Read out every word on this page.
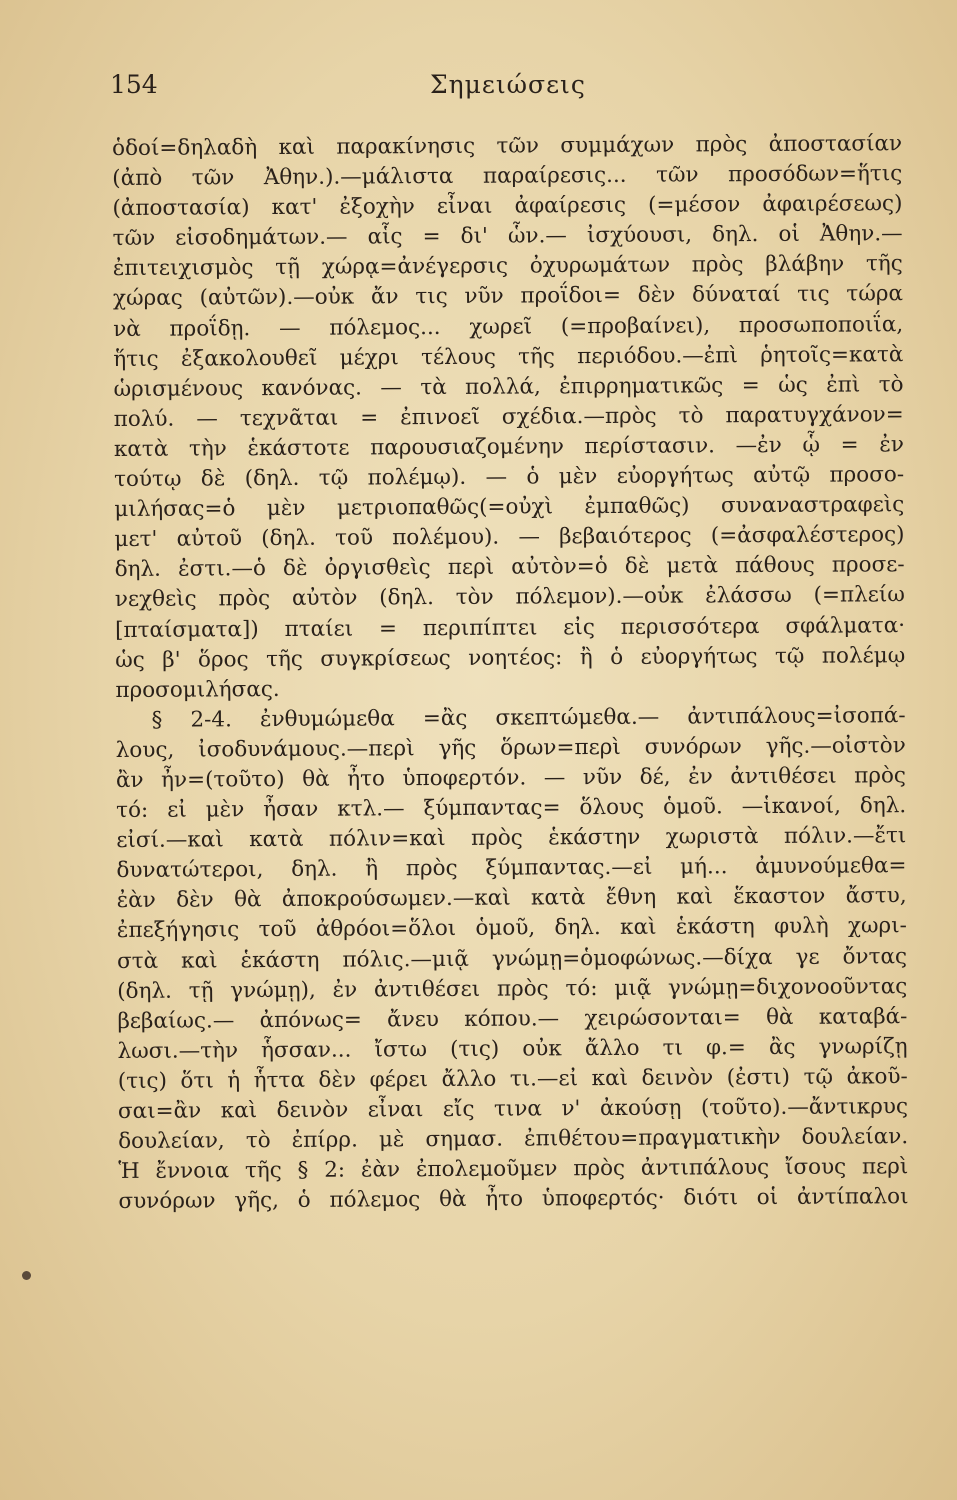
154	Σημειώσεις
ὁδοί=δηλαδὴ καὶ παρακίνησις τῶν συμμάχων πρὸς ἀποστασίαν
(ἀπὸ τῶν Ἀθην.).—μάλιστα παραίρεσις... τῶν προσόδων=ἥτις
(ἀποστασία) κατ' ἐξοχὴν εἶναι ἀφαίρεσις (=μέσον ἀφαιρέσεως)
τῶν εἰσοδημάτων.— αἷς = δι' ὧν.— ἰσχύουσι, δηλ. οἱ Ἀθην.—
ἐπιτειχισμὸς τῇ χώρᾳ=ἀνέγερσις ὀχυρωμάτων πρὸς βλάβην τῆς
χώρας (αὐτῶν).—οὐκ ἄν τις νῦν προΐδοι= δὲν δύναταί τις τώρα
νὰ προΐδῃ. — πόλεμος... χωρεῖ (=προβαίνει), προσωποποιΐα,
ἥτις ἐξακολουθεῖ μέχρι τέλους τῆς περιόδου.—ἐπὶ ῥητοῖς=κατὰ
ὡρισμένους κανόνας. — τὰ πολλά, ἐπιρρηματικῶς = ὡς ἐπὶ τὸ
πολύ. — τεχνᾶται = ἐπινοεῖ σχέδια.—πρὸς τὸ παρατυγχάνον=
κατὰ τὴν ἑκάστοτε παρουσιαζομένην περίστασιν. —ἐν ᾧ = ἐν
τούτῳ δὲ (δηλ. τῷ πολέμῳ). — ὁ μὲν εὐοργήτως αὐτῷ προσο-
μιλήσας=ὁ μὲν μετριοπαθῶς(=οὐχὶ ἐμπαθῶς) συναναστραφεὶς
μετ' αὐτοῦ (δηλ. τοῦ πολέμου). — βεβαιότερος (=ἀσφαλέστερος)
δηλ. ἐστι.—ὁ δὲ ὀργισθεὶς περὶ αὐτὸν=ὁ δὲ μετὰ πάθους προσε-
νεχθεὶς πρὸς αὐτὸν (δηλ. τὸν πόλεμον).—οὐκ ἐλάσσω (=πλείω
[πταίσματα]) πταίει = περιπίπτει εἰς περισσότερα σφάλματα·
ὡς β' ὅρος τῆς συγκρίσεως νοητέος: ἢ ὁ εὐοργήτως τῷ πολέμῳ
προσομιλήσας.
§ 2-4. ἐνθυμώμεθα =ἂς σκεπτώμεθα.— ἀντιπάλους=ἰσοπά-
λους, ἰσοδυνάμους.—περὶ γῆς ὅρων=περὶ συνόρων γῆς.—οἰστὸν
ἂν ἦν=(τοῦτο) θὰ ἦτο ὑποφερτόν. — νῦν δέ, ἐν ἀντιθέσει πρὸς
τό: εἰ μὲν ἦσαν κτλ.— ξύμπαντας= ὅλους ὁμοῦ. —ἱκανοί, δηλ.
εἰσί.—καὶ κατὰ πόλιν=καὶ πρὸς ἑκάστην χωριστὰ πόλιν.—ἔτι
δυνατώτεροι, δηλ. ἢ πρὸς ξύμπαντας.—εἰ μή... ἀμυνούμεθα=
ἐὰν δὲν θὰ ἀποκρούσωμεν.—καὶ κατὰ ἔθνη καὶ ἕκαστον ἄστυ,
ἐπεξήγησις τοῦ ἀθρόοι=ὅλοι ὁμοῦ, δηλ. καὶ ἑκάστη φυλὴ χωρι-
στὰ καὶ ἑκάστη πόλις.—μιᾷ γνώμῃ=ὁμοφώνως.—δίχα γε ὄντας
(δηλ. τῇ γνώμῃ), ἐν ἀντιθέσει πρὸς τό: μιᾷ γνώμῃ=διχονοοῦντας
βεβαίως.— ἀπόνως= ἄνευ κόπου.— χειρώσονται= θὰ καταβά-
λωσι.—τὴν ἧσσαν... ἴστω (τις) οὐκ ἄλλο τι φ.= ἂς γνωρίζῃ
(τις) ὅτι ἡ ἧττα δὲν φέρει ἄλλο τι.—εἰ καὶ δεινὸν (ἐστι) τῷ ἀκοῦ-
σαι=ἂν καὶ δεινὸν εἶναι εἴς τινα ν' ἀκούσῃ (τοῦτο).—ἄντικρυς
δουλείαν, τὸ ἐπίρρ. μὲ σημασ. ἐπιθέτου=πραγματικὴν δουλείαν.
Ἡ ἔννοια τῆς § 2: ἐὰν ἐπολεμοῦμεν πρὸς ἀντιπάλους ἴσους περὶ
συνόρων γῆς, ὁ πόλεμος θὰ ἦτο ὑποφερτός· διότι οἱ ἀντίπαλοι
